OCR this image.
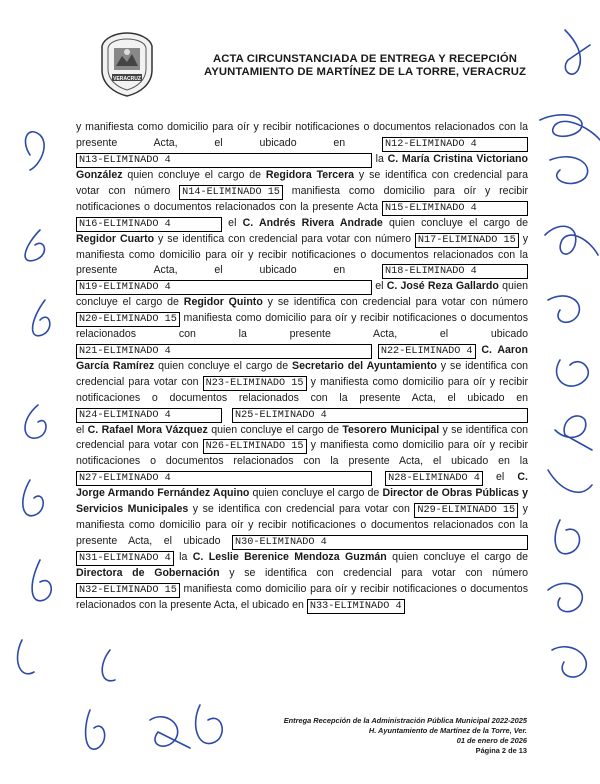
VERACRUZ
ACTA CIRCUNSTANCIADA DE ENTREGA Y RECEPCIÓN
AYUNTAMIENTO DE MARTÍNEZ DE LA TORRE, VERACRUZ

y manifiesta como domicilio para oír y recibir notificaciones o documentos relacionados con la presente Acta, el ubicado en N12-ELIMINADO 4 N13-ELIMINADO 4	la C. María Cristina Victoriano González quien concluye el cargo de Regidora Tercera y se identifica con credencial para votar con número N14-ELIMINADO 15 manifiesta como domicilio para oír y recibir notificaciones o documentos relacionados con la presente Acta N15-ELIMINADO 4 N16-ELIMINADO 4	el C. Andrés Rivera Andrade quien concluye el cargo de Regidor Cuarto y se identifica con credencial para votar con número N17-ELIMINADO 15 y manifiesta como domicilio para oír y recibir notificaciones o documentos relacionados con la presente Acta, el ubicado en N18-ELIMINADO 4 N19-ELIMINADO 4	el C. José Reza Gallardo quien concluye el cargo de Regidor Quinto y se identifica con credencial para votar con número N20-ELIMINADO 15 manifiesta como domicilio para oír y recibir notificaciones o documentos relacionados con la presente Acta, el ubicado N21-ELIMINADO 4	N22-ELIMINADO 4 C. Aaron García Ramírez quien concluye el cargo de Secretario del Ayuntamiento y se identifica con credencial para votar con N23-ELIMINADO 15 y manifiesta como domicilio para oír y recibir notificaciones o documentos relacionados con la presente Acta, el ubicado en N24-ELIMINADO 4	N25-ELIMINADO 4 el C. Rafael Mora Vázquez quien concluye el cargo de Tesorero Municipal y se identifica con credencial para votar con N26-ELIMINADO 15 y manifiesta como domicilio para oír y recibir notificaciones o documentos relacionados con la presente Acta, el ubicado en la N27-ELIMINADO 4	N28-ELIMINADO 4 el C. Jorge Armando Fernández Aquino quien concluye el cargo de Director de Obras Públicas y Servicios Municipales y se identifica con credencial para votar con N29-ELIMINADO 15 y manifiesta como domicilio para oír y recibir notificaciones o documentos relacionados con la presente Acta, el ubicado N30-ELIMINADO 4 N31-ELIMINADO 4 la C. Leslie Berenice Mendoza Guzmán quien concluye el cargo de Directora de Gobernación y se identifica con credencial para votar con número N32-ELIMINADO 15 manifiesta como domicilio para oír y recibir notificaciones o documentos relacionados con la presente Acta, el ubicado en N33-ELIMINADO 4

Entrega Recepción de la Administración Pública Municipal 2022-2025
H. Ayuntamiento de Martínez de la Torre, Ver.
01 de enero de 2026
Página 2 de 13
